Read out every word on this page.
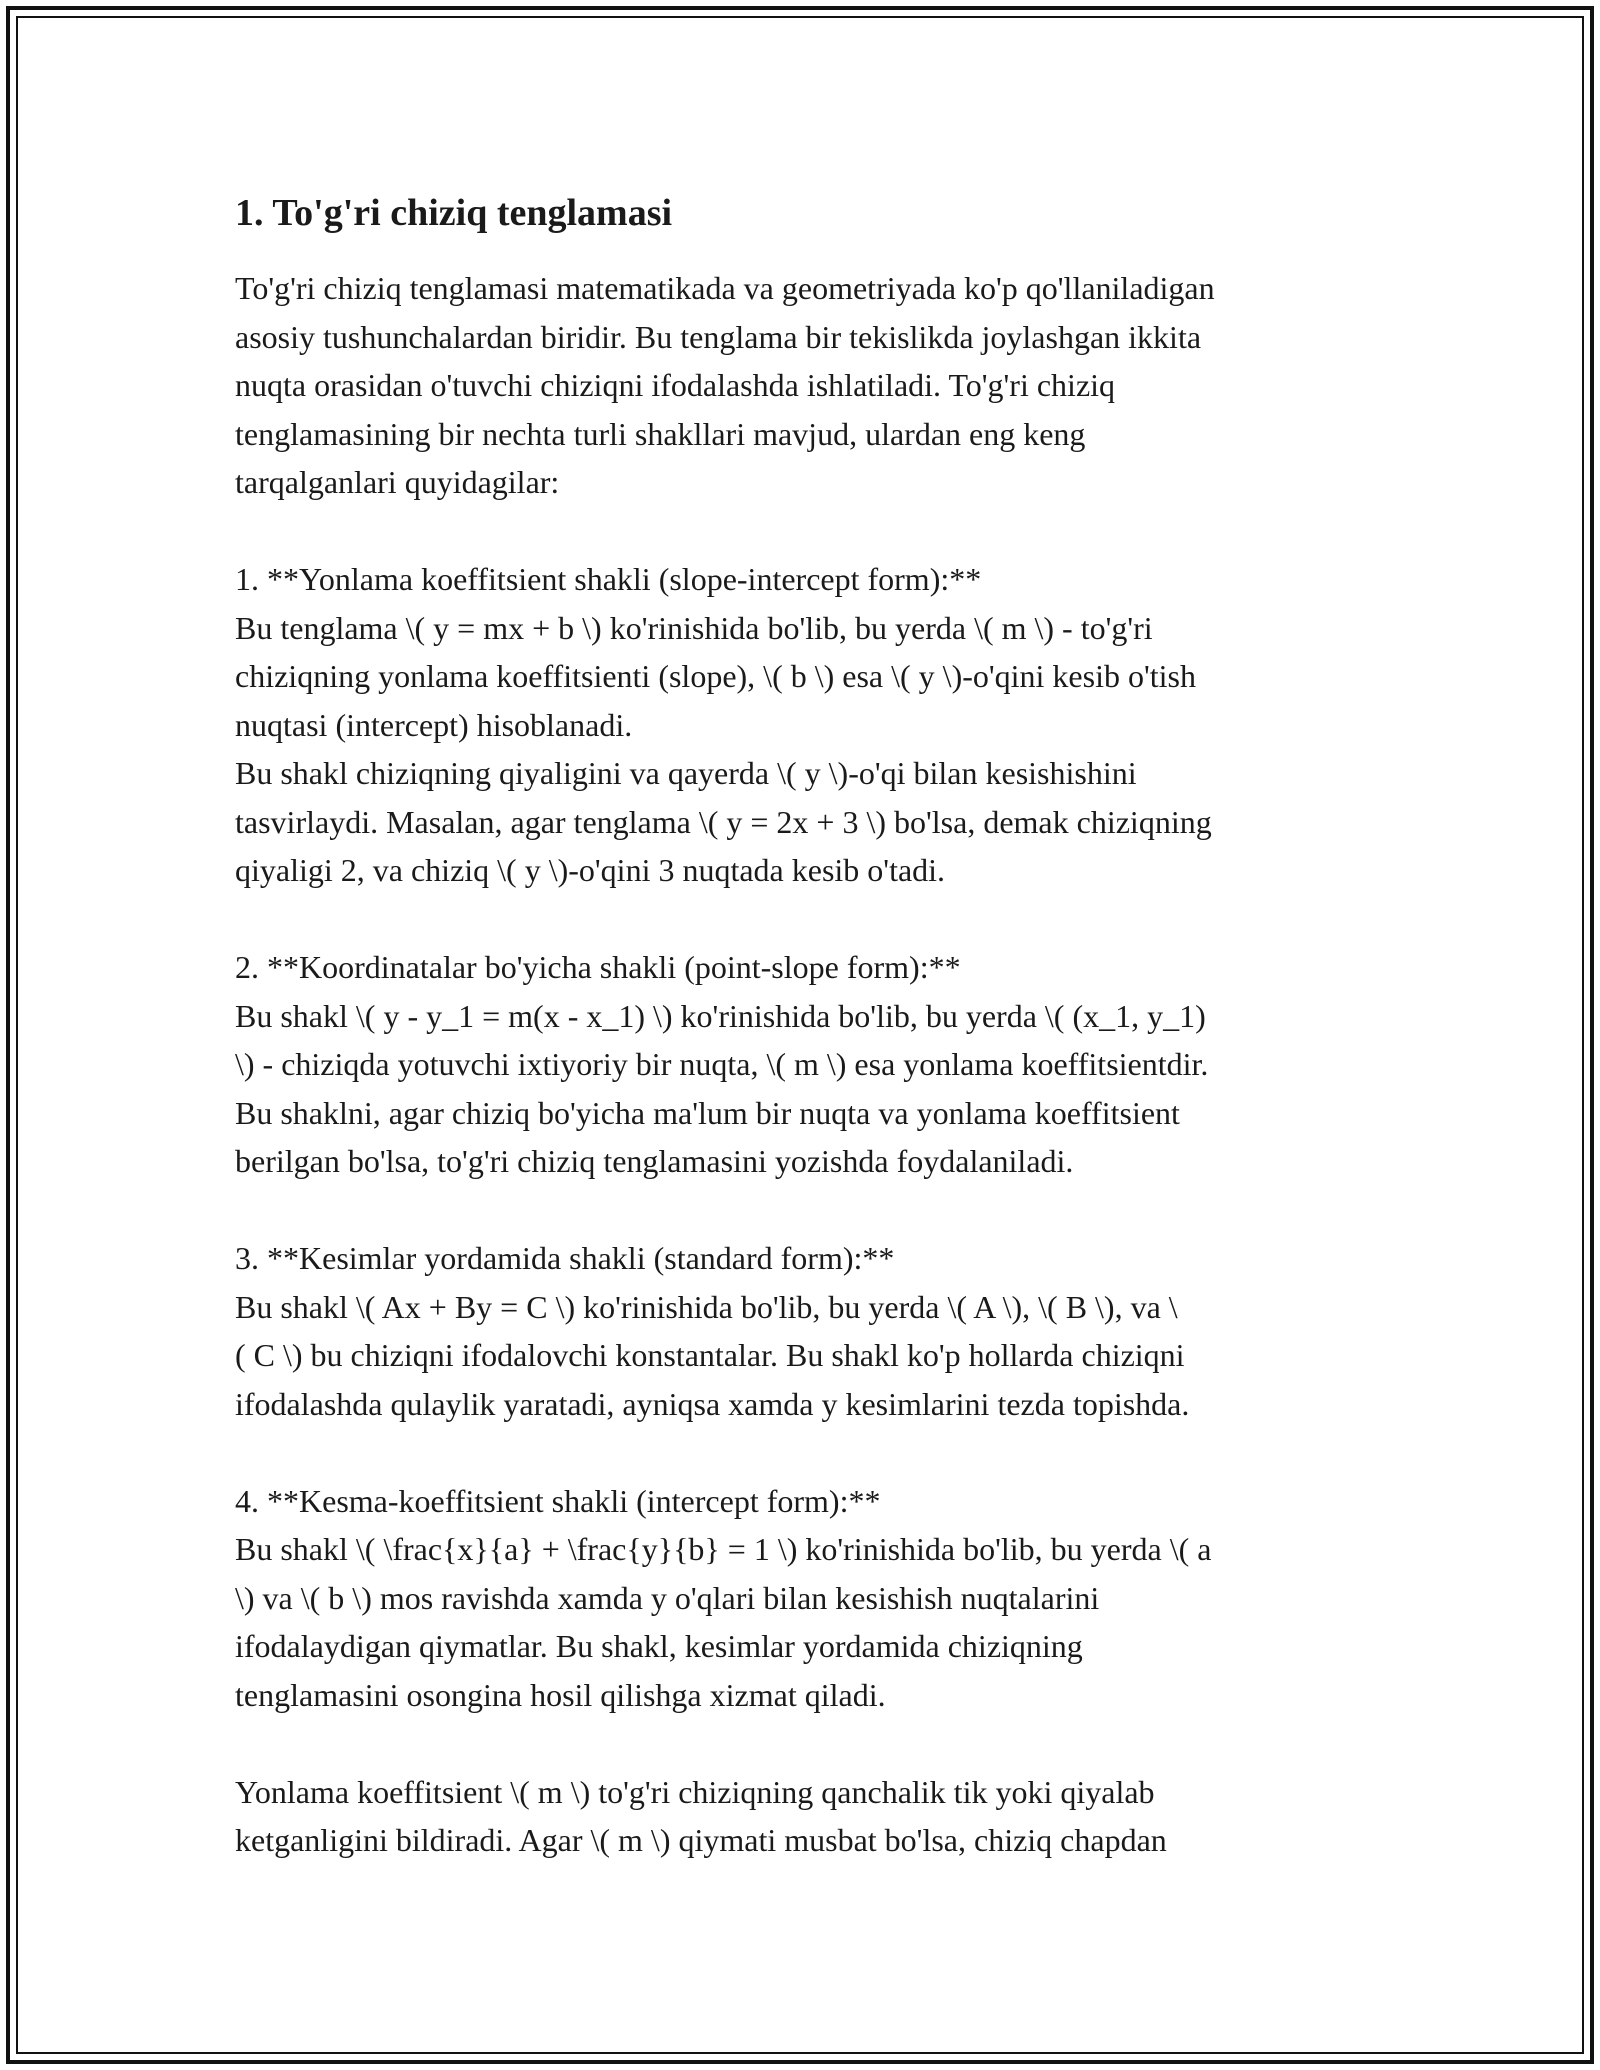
1. To'g'ri chiziq tenglamasi
To'g'ri chiziq tenglamasi matematikada va geometriyada ko'p qo'llaniladigan
asosiy tushunchalardan biridir. Bu tenglama bir tekislikda joylashgan ikkita
nuqta orasidan o'tuvchi chiziqni ifodalashda ishlatiladi. To'g'ri chiziq
tenglamasining bir nechta turli shakllari mavjud, ulardan eng keng
tarqalganlari quyidagilar:
1. **Yonlama koeffitsient shakli (slope-intercept form):**
Bu tenglama \( y = mx + b \) ko'rinishida bo'lib, bu yerda \( m \) - to'g'ri
chiziqning yonlama koeffitsienti (slope), \( b \) esa \( y \)-o'qini kesib o'tish
nuqtasi (intercept) hisoblanadi.
Bu shakl chiziqning qiyaligini va qayerda \( y \)-o'qi bilan kesishishini
tasvirlaydi. Masalan, agar tenglama \( y = 2x + 3 \) bo'lsa, demak chiziqning
qiyaligi 2, va chiziq \( y \)-o'qini 3 nuqtada kesib o'tadi.
2. **Koordinatalar bo'yicha shakli (point-slope form):**
Bu shakl \( y - y_1 = m(x - x_1) \) ko'rinishida bo'lib, bu yerda \( (x_1, y_1)
\) - chiziqda yotuvchi ixtiyoriy bir nuqta, \( m \) esa yonlama koeffitsientdir.
Bu shaklni, agar chiziq bo'yicha ma'lum bir nuqta va yonlama koeffitsient
berilgan bo'lsa, to'g'ri chiziq tenglamasini yozishda foydalaniladi.
3. **Kesimlar yordamida shakli (standard form):**
Bu shakl \( Ax + By = C \) ko'rinishida bo'lib, bu yerda \( A \), \( B \), va \
( C \) bu chiziqni ifodalovchi konstantalar. Bu shakl ko'p hollarda chiziqni
ifodalashda qulaylik yaratadi, ayniqsa xamda y kesimlarini tezda topishda.
4. **Kesma-koeffitsient shakli (intercept form):**
Bu shakl \( \frac{x}{a} + \frac{y}{b} = 1 \) ko'rinishida bo'lib, bu yerda \( a
\) va \( b \) mos ravishda xamda y o'qlari bilan kesishish nuqtalarini
ifodalaydigan qiymatlar. Bu shakl, kesimlar yordamida chiziqning
tenglamasini osongina hosil qilishga xizmat qiladi.
Yonlama koeffitsient \( m \) to'g'ri chiziqning qanchalik tik yoki qiyalab
ketganligini bildiradi. Agar \( m \) qiymati musbat bo'lsa, chiziq chapdan
